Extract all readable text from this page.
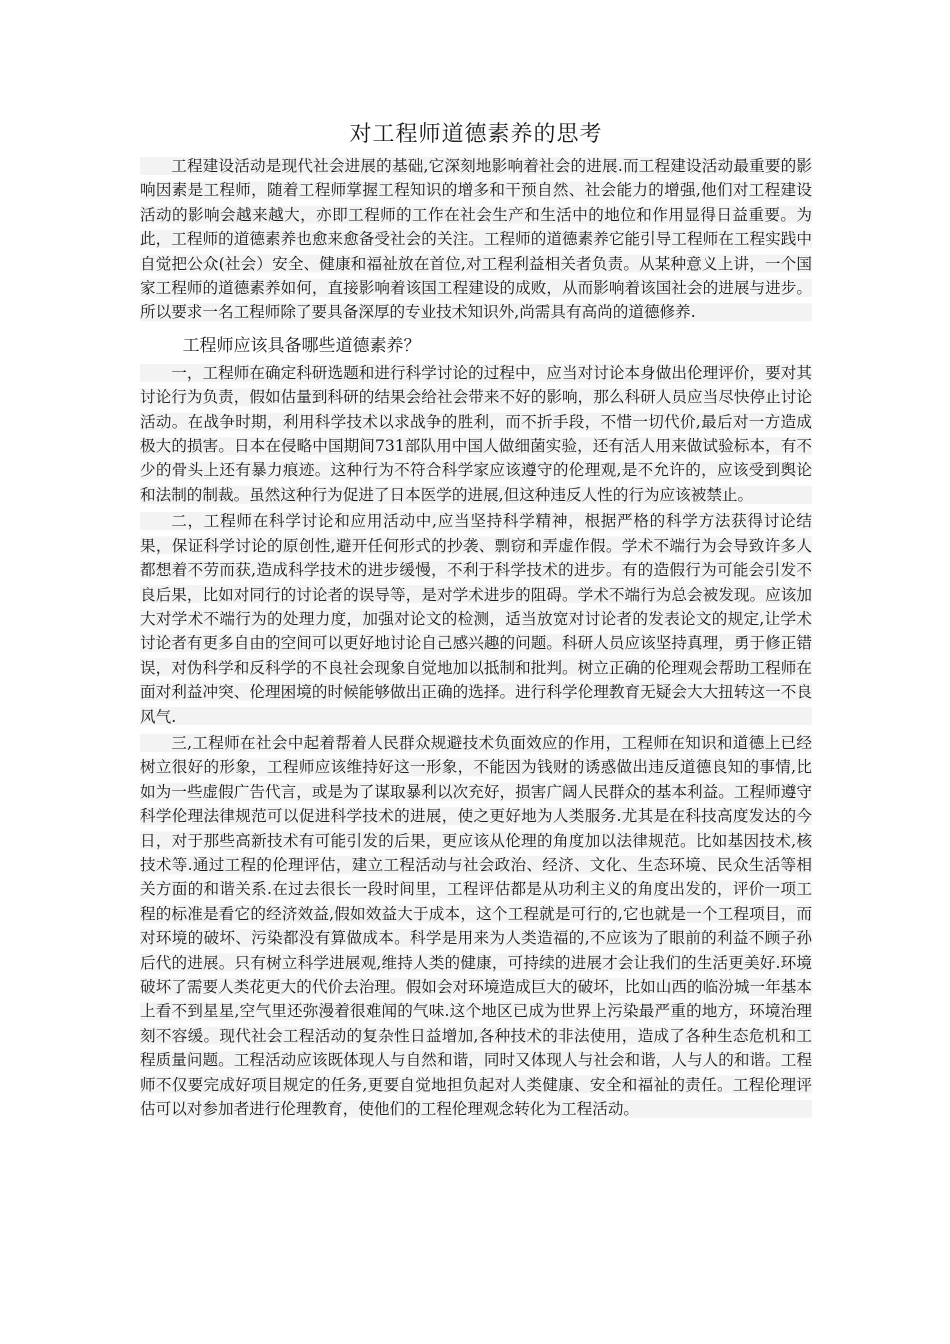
对工程师道德素养的思考

工程建设活动是现代社会进展的基础,它深刻地影响着社会的进展.而工程建设活动最重要的影响因素是工程师，随着工程师掌握工程知识的增多和干预自然、社会能力的增强,他们对工程建设活动的影响会越来越大，亦即工程师的工作在社会生产和生活中的地位和作用显得日益重要。为此，工程师的道德素养也愈来愈备受社会的关注。工程师的道德素养它能引导工程师在工程实践中自觉把公众(社会）安全、健康和福祉放在首位,对工程利益相关者负责。从某种意义上讲，一个国家工程师的道德素养如何，直接影响着该国工程建设的成败，从而影响着该国社会的进展与进步。所以要求一名工程师除了要具备深厚的专业技术知识外,尚需具有高尚的道德修养.

工程师应该具备哪些道德素养？

一，工程师在确定科研选题和进行科学讨论的过程中，应当对讨论本身做出伦理评价，要对其讨论行为负责，假如估量到科研的结果会给社会带来不好的影响，那么科研人员应当尽快停止讨论活动。在战争时期，利用科学技术以求战争的胜利，而不折手段，不惜一切代价,最后对一方造成极大的损害。日本在侵略中国期间731部队用中国人做细菌实验，还有活人用来做试验标本，有不少的骨头上还有暴力痕迹。这种行为不符合科学家应该遵守的伦理观,是不允许的，应该受到舆论和法制的制裁。虽然这种行为促进了日本医学的进展,但这种违反人性的行为应该被禁止。

二，工程师在科学讨论和应用活动中,应当坚持科学精神，根据严格的科学方法获得讨论结果，保证科学讨论的原创性,避开任何形式的抄袭、剽窃和弄虚作假。学术不端行为会导致许多人都想着不劳而获,造成科学技术的进步缓慢，不利于科学技术的进步。有的造假行为可能会引发不良后果，比如对同行的讨论者的误导等，是对学术进步的阻碍。学术不端行为总会被发现。应该加大对学术不端行为的处理力度，加强对论文的检测，适当放宽对讨论者的发表论文的规定,让学术讨论者有更多自由的空间可以更好地讨论自己感兴趣的问题。科研人员应该坚持真理，勇于修正错误，对伪科学和反科学的不良社会现象自觉地加以抵制和批判。树立正确的伦理观会帮助工程师在面对利益冲突、伦理困境的时候能够做出正确的选择。进行科学伦理教育无疑会大大扭转这一不良风气.

三,工程师在社会中起着帮着人民群众规避技术负面效应的作用，工程师在知识和道德上已经树立很好的形象，工程师应该维持好这一形象，不能因为钱财的诱惑做出违反道德良知的事情,比如为一些虚假广告代言，或是为了谋取暴利以次充好，损害广阔人民群众的基本利益。工程师遵守科学伦理法律规范可以促进科学技术的进展，使之更好地为人类服务.尤其是在科技高度发达的今日，对于那些高新技术有可能引发的后果，更应该从伦理的角度加以法律规范。比如基因技术,核技术等.通过工程的伦理评估，建立工程活动与社会政治、经济、文化、生态环境、民众生活等相关方面的和谐关系.在过去很长一段时间里，工程评估都是从功利主义的角度出发的，评价一项工程的标准是看它的经济效益,假如效益大于成本，这个工程就是可行的,它也就是一个工程项目，而对环境的破坏、污染都没有算做成本。科学是用来为人类造福的,不应该为了眼前的利益不顾子孙后代的进展。只有树立科学进展观,维持人类的健康，可持续的进展才会让我们的生活更美好.环境破坏了需要人类花更大的代价去治理。假如会对环境造成巨大的破坏，比如山西的临汾城一年基本上看不到星星,空气里还弥漫着很难闻的气味.这个地区已成为世界上污染最严重的地方，环境治理刻不容缓。现代社会工程活动的复杂性日益增加,各种技术的非法使用，造成了各种生态危机和工程质量问题。工程活动应该既体现人与自然和谐，同时又体现人与社会和谐，人与人的和谐。工程师不仅要完成好项目规定的任务,更要自觉地担负起对人类健康、安全和福祉的责任。工程伦理评估可以对参加者进行伦理教育，使他们的工程伦理观念转化为工程活动。
